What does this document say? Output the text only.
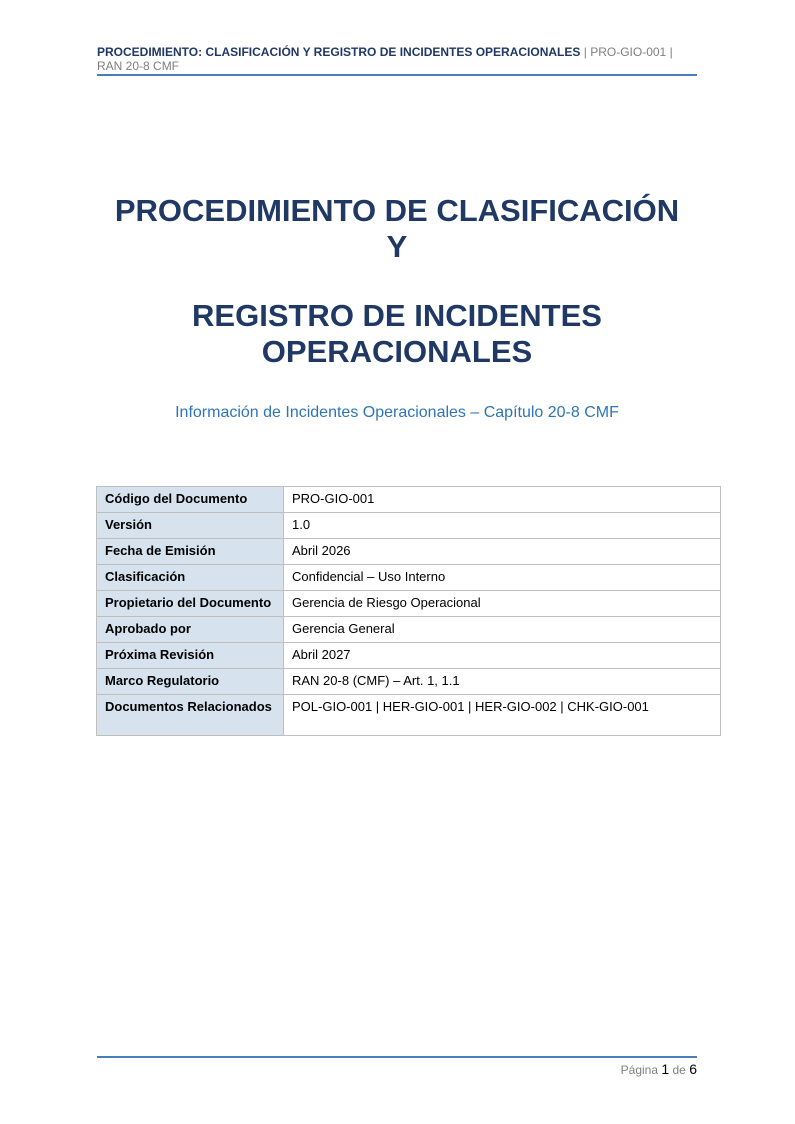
PROCEDIMIENTO: CLASIFICACIÓN Y REGISTRO DE INCIDENTES OPERACIONALES | PRO-GIO-001 |
RAN 20-8 CMF
PROCEDIMIENTO DE CLASIFICACIÓN
Y
REGISTRO DE INCIDENTES
OPERACIONALES
Información de Incidentes Operacionales – Capítulo 20-8 CMF
Código del Documento	PRO-GIO-001
Versión	1.0
Fecha de Emisión	Abril 2026
Clasificación	Confidencial – Uso Interno
Propietario del Documento	Gerencia de Riesgo Operacional
Aprobado por	Gerencia General
Próxima Revisión	Abril 2027
Marco Regulatorio	RAN 20-8 (CMF) – Art. 1, 1.1
Documentos Relacionados	POL-GIO-001 | HER-GIO-001 | HER-GIO-002 | CHK-GIO-001
Página 1 de 6
